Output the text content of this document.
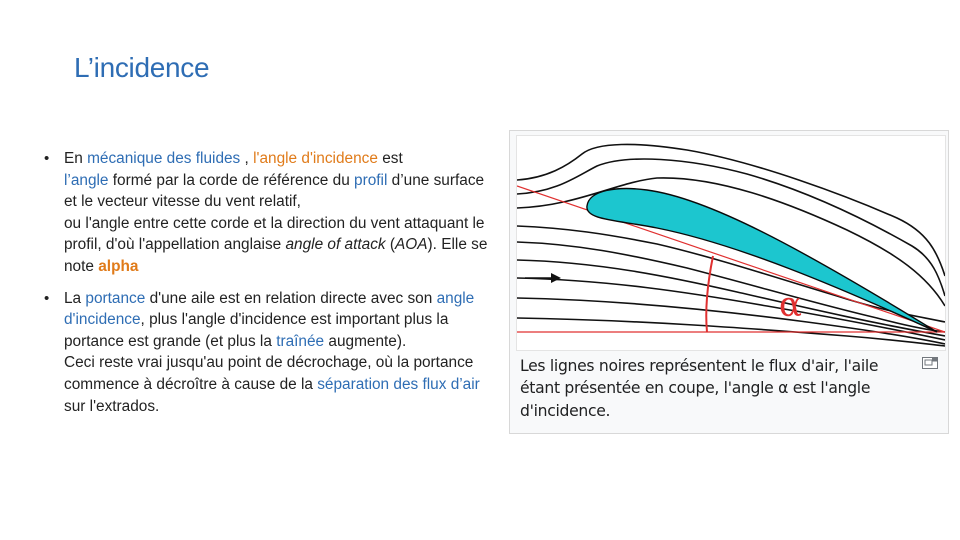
L’incidence
• En mécanique des fluides , l'angle d'incidence est
l’angle formé par la corde de référence du profil d’une surface et le vecteur vitesse du vent relatif,
ou l'angle entre cette corde et la direction du vent attaquant le profil, d'où l'appellation anglaise angle of attack (AOA). Elle se note alpha
• La portance d'une aile est en relation directe avec son angle d'incidence, plus l'angle d'incidence est important plus la portance est grande (et plus la traînée augmente).
Ceci reste vrai jusqu'au point de décrochage, où la portance commence à décroître à cause de la séparation des flux d’air sur l'extrados.
α
Les lignes noires représentent le flux d'air, l'aile étant présentée en coupe, l'angle α est l'angle d'incidence.
